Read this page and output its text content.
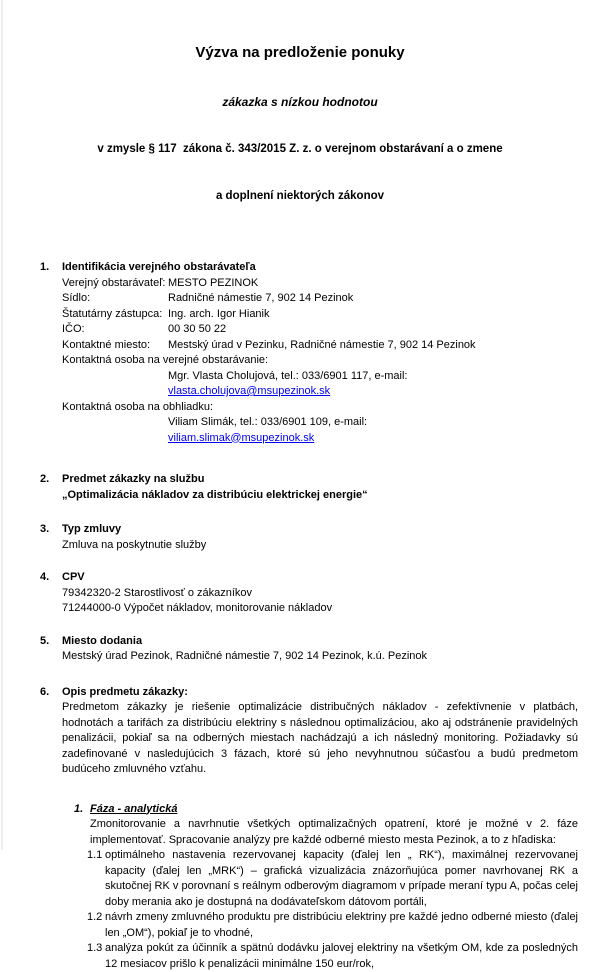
Výzva na predloženie ponuky

zákazka s nízkou hodnotou

v zmysle § 117  zákona č. 343/2015 Z. z. o verejnom obstarávaní a o zmene

a doplnení niektorých zákonov

1.	Identifikácia verejného obstarávateľa
Verejný obstarávateľ: MESTO PEZINOK
Sídlo:	Radničné námestie 7, 902 14 Pezinok
Štatutárny zástupca: Ing. arch. Igor Hianik
IČO:	00 30 50 22
Kontaktné miesto:	Mestský úrad v Pezinku, Radničné námestie 7, 902 14 Pezinok
Kontaktná osoba na verejné obstarávanie:
Mgr. Vlasta Cholujová, tel.: 033/6901 117, e-mail:
vlasta.cholujova@msupezinok.sk
Kontaktná osoba na obhliadku:
Viliam Slimák, tel.: 033/6901 109, e-mail:
viliam.slimak@msupezinok.sk
2.	Predmet zákazky na službu
„Optimalizácia nákladov za distribúciu elektrickej energie“
3.	Typ zmluvy
Zmluva na poskytnutie služby
4.	CPV
79342320-2 Starostlivosť o zákazníkov
71244000-0 Výpočet nákladov, monitorovanie nákladov
5.	Miesto dodania
Mestský úrad Pezinok, Radničné námestie 7, 902 14 Pezinok, k.ú. Pezinok
6.	Opis predmetu zákazky:
Predmetom zákazky je riešenie optimalizácie distribučných nákladov - zefektívnenie v platbách, hodnotách a tarifách za distribúciu elektriny s následnou optimalizáciou, ako aj odstránenie pravidelných penalizácii, pokiaľ sa na odberných miestach nachádzajú a ich následný monitoring. Požiadavky sú zadefinované v nasledujúcich 3 fázach, ktoré sú jeho nevyhnutnou súčasťou a budú predmetom budúceho zmluvného vzťahu.
1. Fáza - analytická
Zmonitorovanie a navrhnutie všetkých optimalizačných opatrení, ktoré je možné v 2. fáze implementovať. Spracovanie analýzy pre každé odberné miesto mesta Pezinok, a to z hľadiska:
1.1 optimálneho nastavenia rezervovanej kapacity (ďalej len „ RK“), maximálnej rezervovanej kapacity (ďalej len „MRK“) – grafická vizualizácia znázorňujúca pomer navrhovanej RK a skutočnej RK v porovnaní s reálnym odberovým diagramom v prípade meraní typu A, počas celej doby merania ako je dostupná na dodávateľskom dátovom portáli,
1.2 návrh zmeny zmluvného produktu pre distribúciu elektriny pre každé jedno odberné miesto (ďalej len „OM“), pokiaľ je to vhodné,
1.3 analýza pokút za účinník a spätnú dodávku jalovej elektriny na všetkým OM, kde za posledných 12 mesiacov prišlo k penalizácii minimálne 150 eur/rok,
